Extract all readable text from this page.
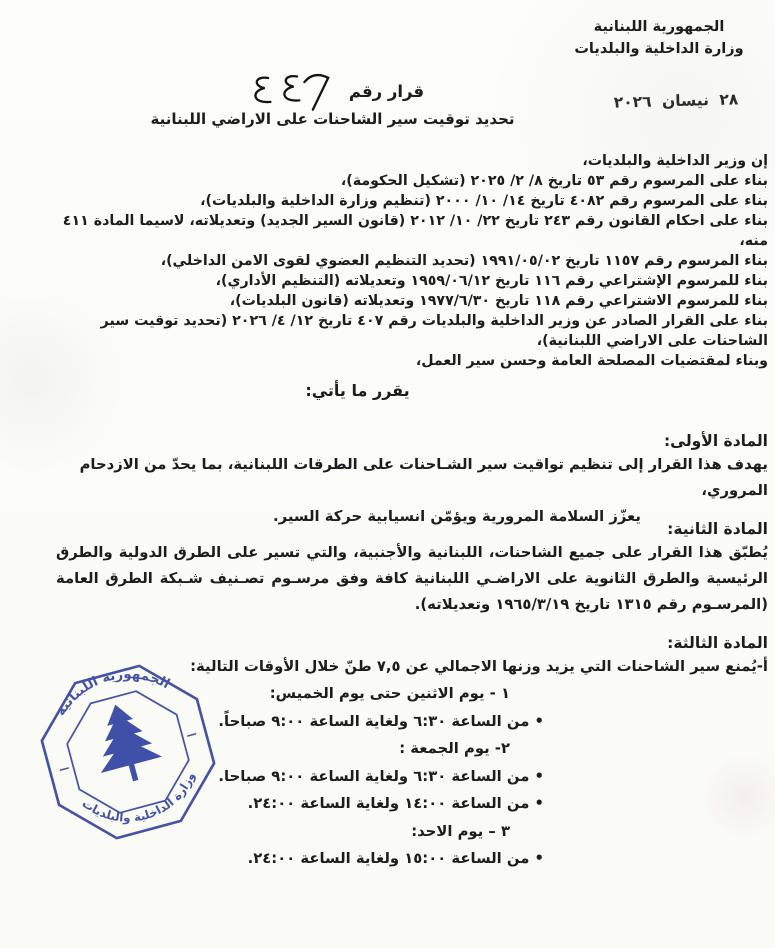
الجمهورية اللبنانية
وزارة الداخلية والبلديات
٢٨ نيسان ٢٠٢٦
قرار رقم
تحديد توقيت سير الشاحنات على الاراضي اللبنانية
إن وزير الداخلية والبلديات،
بناء على المرسوم رقم ٥٣ تاريخ ٨/ ٢/ ٢٠٢٥ (تشكيل الحكومة)،
بناء على المرسوم رقم ٤٠٨٢ تاريخ ١٤/ ١٠/ ٢٠٠٠ (تنظيم وزارة الداخلية والبلديات)،
بناء على احكام القانون رقم ٢٤٣ تاريخ ٢٢/ ١٠/ ٢٠١٢ (قانون السير الجديد) وتعديلاته، لاسيما المادة ٤١١ منه،
بناء المرسوم رقم ١١٥٧ تاريخ ١٩٩١/٠٥/٠٢ (تحديد التنظيم العضوي لقوى الامن الداخلي)،
بناء للمرسوم الإشتراعي رقم ١١٦ تاريخ ١٩٥٩/٠٦/١٢ وتعديلاته (التنظيم الأداري)،
بناء للمرسوم الاشتراعي رقم ١١٨ تاريخ ١٩٧٧/٦/٣٠ وتعديلاته (قانون البلديات)،
بناء على القرار الصادر عن وزير الداخلية والبلديات رقم ٤٠٧ تاريخ ١٢/ ٤/ ٢٠٢٦ (تحديد توقيت سير الشاحنات على الاراضي اللبنانية)،
وبناء لمقتضيات المصلحة العامة وحسن سير العمل،
يقرر ما يأتي:
المادة الأولى:
يهدف هذا القرار إلى تنظيم تواقيت سير الشـاحنات على الطرقات اللبنانية، بما يحدّ من الازدحام المروري،
يعزّز السلامة المرورية ويؤمّن انسيابية حركة السير.
المادة الثانية:
يُطبّق هذا القرار على جميع الشاحنات، اللبنانية والأجنبية، والتي تسير على الطرق الدولية والطرق الرئيسية والطرق الثانوية على الاراضـي اللبنانية كافة وفق مرسـوم تصـنيف شـبكة الطرق العامة (المرسـوم رقم ١٣١٥ تاريخ ١٩٦٥/٣/١٩ وتعديلاته).
المادة الثالثة:
أ-يُمنع سير الشاحنات التي يزيد وزنها الاجمالي عن ٧,٥ طنّ خلال الأوقات التالية:
١ - يوم الاثنين حتى يوم الخميس:
• من الساعة ٦:٣٠ ولغاية الساعة ٩:٠٠ صباحاً.
٢- يوم الجمعة :
• من الساعة ٦:٣٠ ولغاية الساعة ٩:٠٠ صباحا.
• من الساعة ١٤:٠٠ ولغاية الساعة ٢٤:٠٠.
٣ – يوم الاحد:
• من الساعة ١٥:٠٠ ولغاية الساعة ٢٤:٠٠.
الجمهورية اللبنانية
وزارة الداخلية والبلديات
